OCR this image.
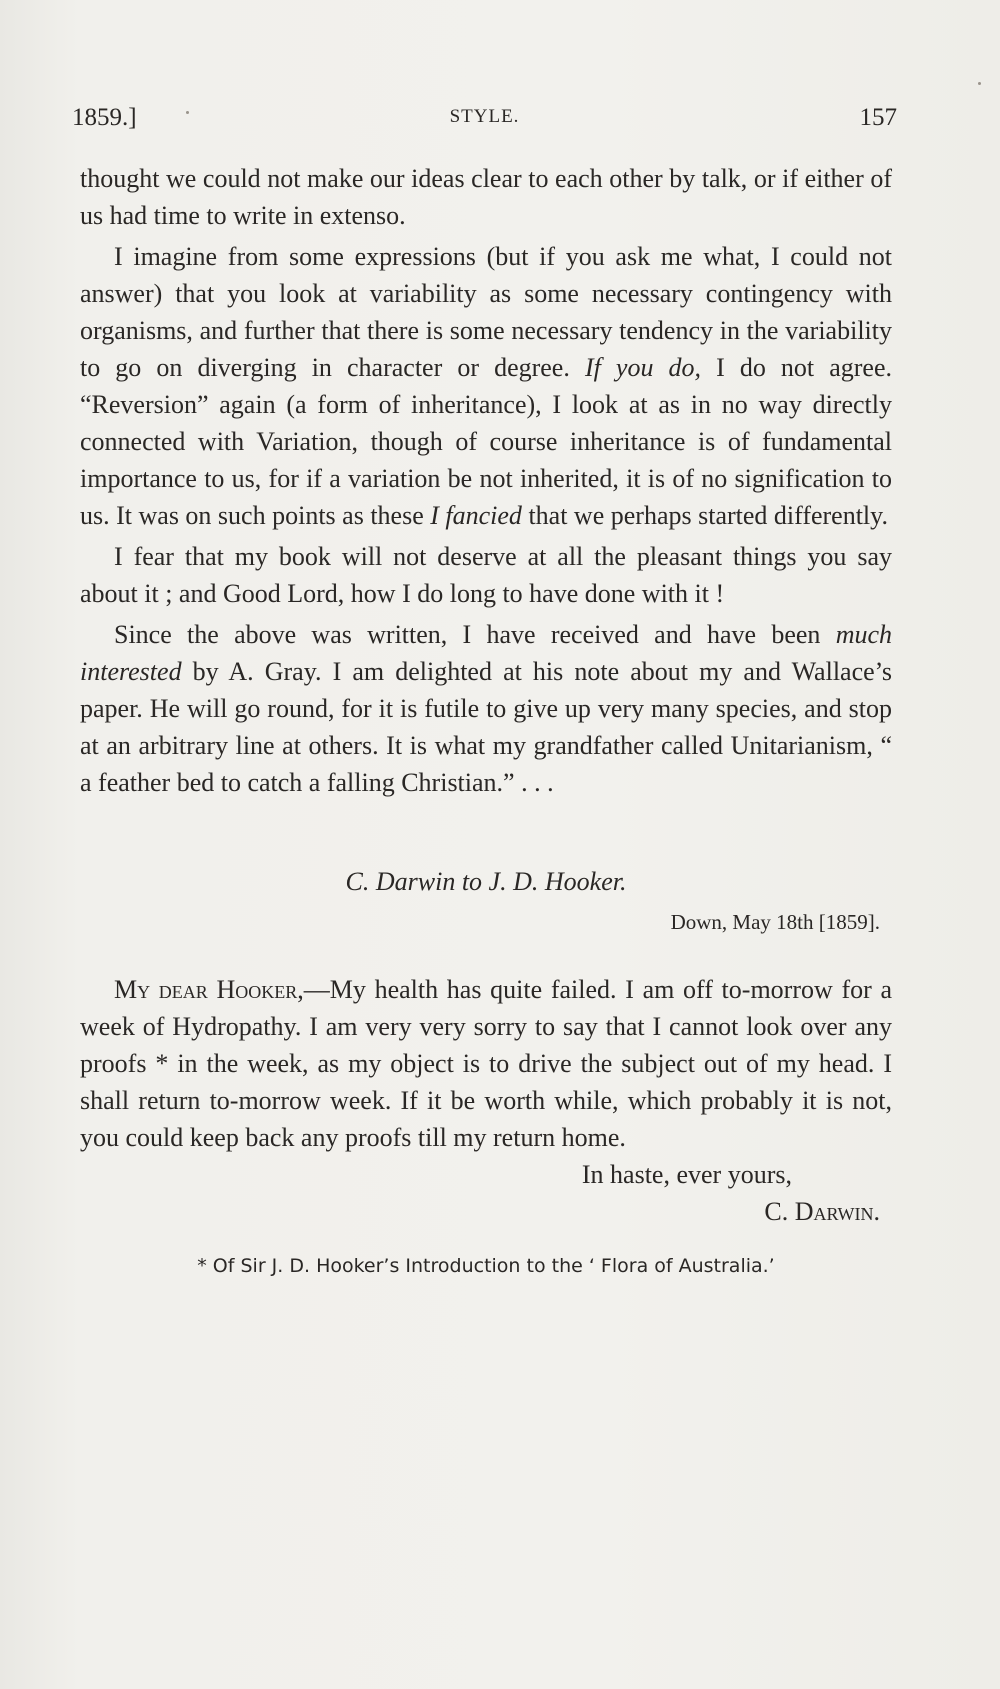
1859.]	STYLE.	157

thought we could not make our ideas clear to each other by talk, or if either of us had time to write in extenso.

I imagine from some expressions (but if you ask me what, I could not answer) that you look at variability as some necessary contingency with organisms, and further that there is some necessary tendency in the variability to go on diverging in character or degree. If you do, I do not agree. “Reversion” again (a form of inheritance), I look at as in no way directly connected with Variation, though of course inheritance is of fundamental importance to us, for if a variation be not inherited, it is of no signification to us. It was on such points as these I fancied that we perhaps started differently.

I fear that my book will not deserve at all the pleasant things you say about it ; and Good Lord, how I do long to have done with it !

Since the above was written, I have received and have been much interested by A. Gray. I am delighted at his note about my and Wallace’s paper. He will go round, for it is futile to give up very many species, and stop at an arbitrary line at others. It is what my grandfather called Unitarianism, “ a feather bed to catch a falling Christian.” . . .

C. Darwin to J. D. Hooker.

Down, May 18th [1859].

My dear Hooker,—My health has quite failed. I am off to-morrow for a week of Hydropathy. I am very very sorry to say that I cannot look over any proofs * in the week, as my object is to drive the subject out of my head. I shall return to-morrow week. If it be worth while, which probably it is not, you could keep back any proofs till my return home.

In haste, ever yours,

C. Darwin.

* Of Sir J. D. Hooker’s Introduction to the ‘ Flora of Australia.’
